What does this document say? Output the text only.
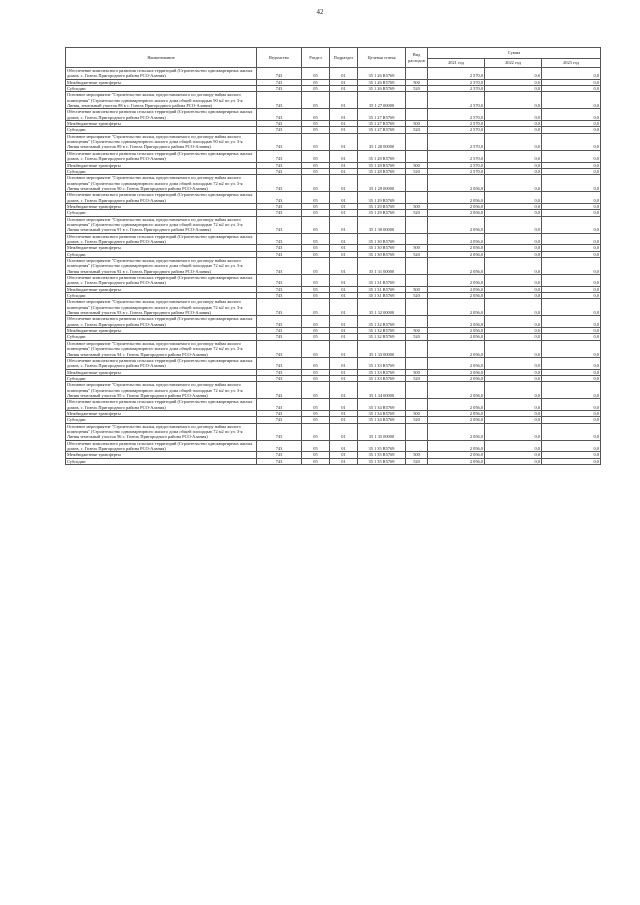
42
Наименование	Ведомство	Раздел	Подраздел	Целевая статья	Вид расходов	Сумма		
						2021 год	2022 год	2023 год
Обеспечение комплексного развития сельских территорий (Строительство одноквартирных жилых домов, с. Гизель Пригородного района РСО-Алания)	743	05	01	35 1 26 R5769		2 570,0	0,0	0,0
Межбюджетные трансферты	743	05	01	35 1 26 R5769	500	2 570,0	0,0	0,0
Субсидии	743	05	01	35 1 26 R5769	520	2 570,0	0,0	0,0
Основное мероприятие "Строительство жилья, предоставляемого по договору найма жилого помещения" (Строительство одноквартирного жилого дома общей площадью 90 м2 по ул. 3-я Линия, земельный участок 88 в с. Гизель Пригородного района РСО-Алания)	743	05	01	35 1 27 00000		2 570,0	0,0	0,0
Обеспечение комплексного развития сельских территорий (Строительство одноквартирных жилых домов, с. Гизель Пригородного района РСО-Алания)	743	05	01	35 1 27 R5769		2 570,0	0,0	0,0
Межбюджетные трансферты	743	05	01	35 1 27 R5769	500	2 570,0	0,0	0,0
Субсидии	743	05	01	35 1 27 R5769	520	2 570,0	0,0	0,0
Основное мероприятие "Строительство жилья, предоставляемого по договору найма жилого помещения" (Строительство одноквартирного жилого дома общей площадью 90 м2 по ул. 3-я Линия земельный участок 89 в с. Гизель Пригородного района РСО-Алания)	743	05	01	35 1 28 00000		2 570,0	0,0	0,0
Обеспечение комплексного развития сельских территорий (Строительство одноквартирных жилых домов, с. Гизель Пригородного района РСО-Алания)	743	05	01	35 1 28 R5769		2 570,0	0,0	0,0
Межбюджетные трансферты	743	05	01	35 1 28 R5769	500	2 570,0	0,0	0,0
Субсидии	743	05	01	35 1 28 R5769	520	2 570,0	0,0	0,0
Основное мероприятие "Строительство жилья, предоставляемого по договору найма жилого помещения" (Строительство одноквартирного жилого дома общей площадью 72 м2 по ул. 3-я Линия земельный участок 90 с. Гизель Пригородного района РСО-Алания)	743	05	01	35 1 29 00000		2 056,0	0,0	0,0
Обеспечение комплексного развития сельских территорий (Строительство одноквартирных жилых домов, с. Гизель Пригородного района РСО-Алания)	743	05	01	35 1 29 R5769		2 056,0	0,0	0,0
Межбюджетные трансферты	743	05	01	35 1 29 R5769	500	2 056,0	0,0	0,0
Субсидии	743	05	01	35 1 29 R5769	520	2 056,0	0,0	0,0
Основное мероприятие "Строительство жилья, предоставляемого по договору найма жилого помещения" (Строительство одноквартирного жилого дома общей площадью 72 м2 по ул. 3-я Линия земельный участок 91 в с. Гизель Пригородного района РСО-Алания)	743	05	01	35 1 30 00000		2 056,0	0,0	0,0
Обеспечение комплексного развития сельских территорий (Строительство одноквартирных жилых домов, с. Гизель Пригородного района РСО-Алания)	743	05	01	35 1 30 R5769		2 056,0	0,0	0,0
Межбюджетные трансферты	743	05	01	35 1 30 R5769	500	2 056,0	0,0	0,0
Субсидии	743	05	01	35 1 30 R5769	520	2 056,0	0,0	0,0
Основное мероприятие "Строительство жилья, предоставляемого по договору найма жилого помещения" (Строительство одноквартирного жилого дома общей площадью 72 м2 по ул. 3-я Линия земельный участок 92 в с. Гизель Пригородного района РСО-Алания)	743	05	01	35 1 31 00000		2 056,0	0,0	0,0
Обеспечение комплексного развития сельских территорий (Строительство одноквартирных жилых домов, с. Гизель Пригородного района РСО-Алания)	743	05	01	35 1 31 R5769		2 056,0	0,0	0,0
Межбюджетные трансферты	743	05	01	35 1 31 R5769	500	2 056,0	0,0	0,0
Субсидии	743	05	01	35 1 31 R5769	520	2 056,0	0,0	0,0
Основное мероприятие "Строительство жилья, предоставляемого по договору найма жилого помещения" (Строительство одноквартирного жилого дома общей площадью 72 м2 по ул. 3-я Линия земельный участок 93 в с. Гизель Пригородного района РСО-Алания)	743	05	01	35 1 32 00000		2 056,0	0,0	0,0
Обеспечение комплексного развития сельских территорий (Строительство одноквартирных жилых домов, с. Гизель Пригородного района РСО-Алания)	743	05	01	35 1 32 R5769		2 056,0	0,0	0,0
Межбюджетные трансферты	743	05	01	35 1 32 R5769	500	2 056,0	0,0	0,0
Субсидии	743	05	01	35 1 32 R5769	520	2 056,0	0,0	0,0
Основное мероприятие "Строительство жилья, предоставляемого по договору найма жилого помещения" (Строительство одноквартирного жилого дома общей площадью 72 м2 по ул. 3-я Линия земельный участок 94 с. Гизель Пригородного района РСО-Алания)	743	05	01	35 1 33 00000		2 056,0	0,0	0,0
Обеспечение комплексного развития сельских территорий (Строительство одноквартирных жилых домов, с. Гизель Пригородного района РСО-Алания)	743	05	01	35 1 33 R5769		2 056,0	0,0	0,0
Межбюджетные трансферты	743	05	01	35 1 33 R5769	500	2 056,0	0,0	0,0
Субсидии	743	05	01	35 1 33 R5769	520	2 056,0	0,0	0,0
Основное мероприятие "Строительство жилья, предоставляемого по договору найма жилого помещения" (Строительство одноквартирного жилого дома общей площадью 72 м2 по ул. 3-я Линия земельный участок 95 с. Гизель Пригородного района РСО-Алания)	743	05	01	35 1 34 00000		2 056,0	0,0	0,0
Обеспечение комплексного развития сельских территорий (Строительство одноквартирных жилых домов, с. Гизель Пригородного района РСО-Алания)	743	05	01	35 1 34 R5769		2 056,0	0,0	0,0
Межбюджетные трансферты	743	05	01	35 1 34 R5769	500	2 056,0	0,0	0,0
Субсидии	743	05	01	35 1 34 R5769	520	2 056,0	0,0	0,0
Основное мероприятие "Строительство жилья, предоставляемого по договору найма жилого помещения" (Строительство одноквартирного жилого дома общей площадью 72 м2 по ул. 3-я Линия земельный участок 96 с. Гизель Пригородного района РСО-Алания)	743	05	01	35 1 35 00000		2 056,0	0,0	0,0
Обеспечение комплексного развития сельских территорий (Строительство одноквартирных жилых домов, с. Гизель Пригородного района РСО-Алания)	743	05	01	35 1 35 R5769		2 056,0	0,0	0,0
Межбюджетные трансферты	743	05	01	35 1 35 R5769	500	2 056,0	0,0	0,0
Субсидии	743	05	01	35 1 35 R5769	520	2 056,0	0,0	0,0
